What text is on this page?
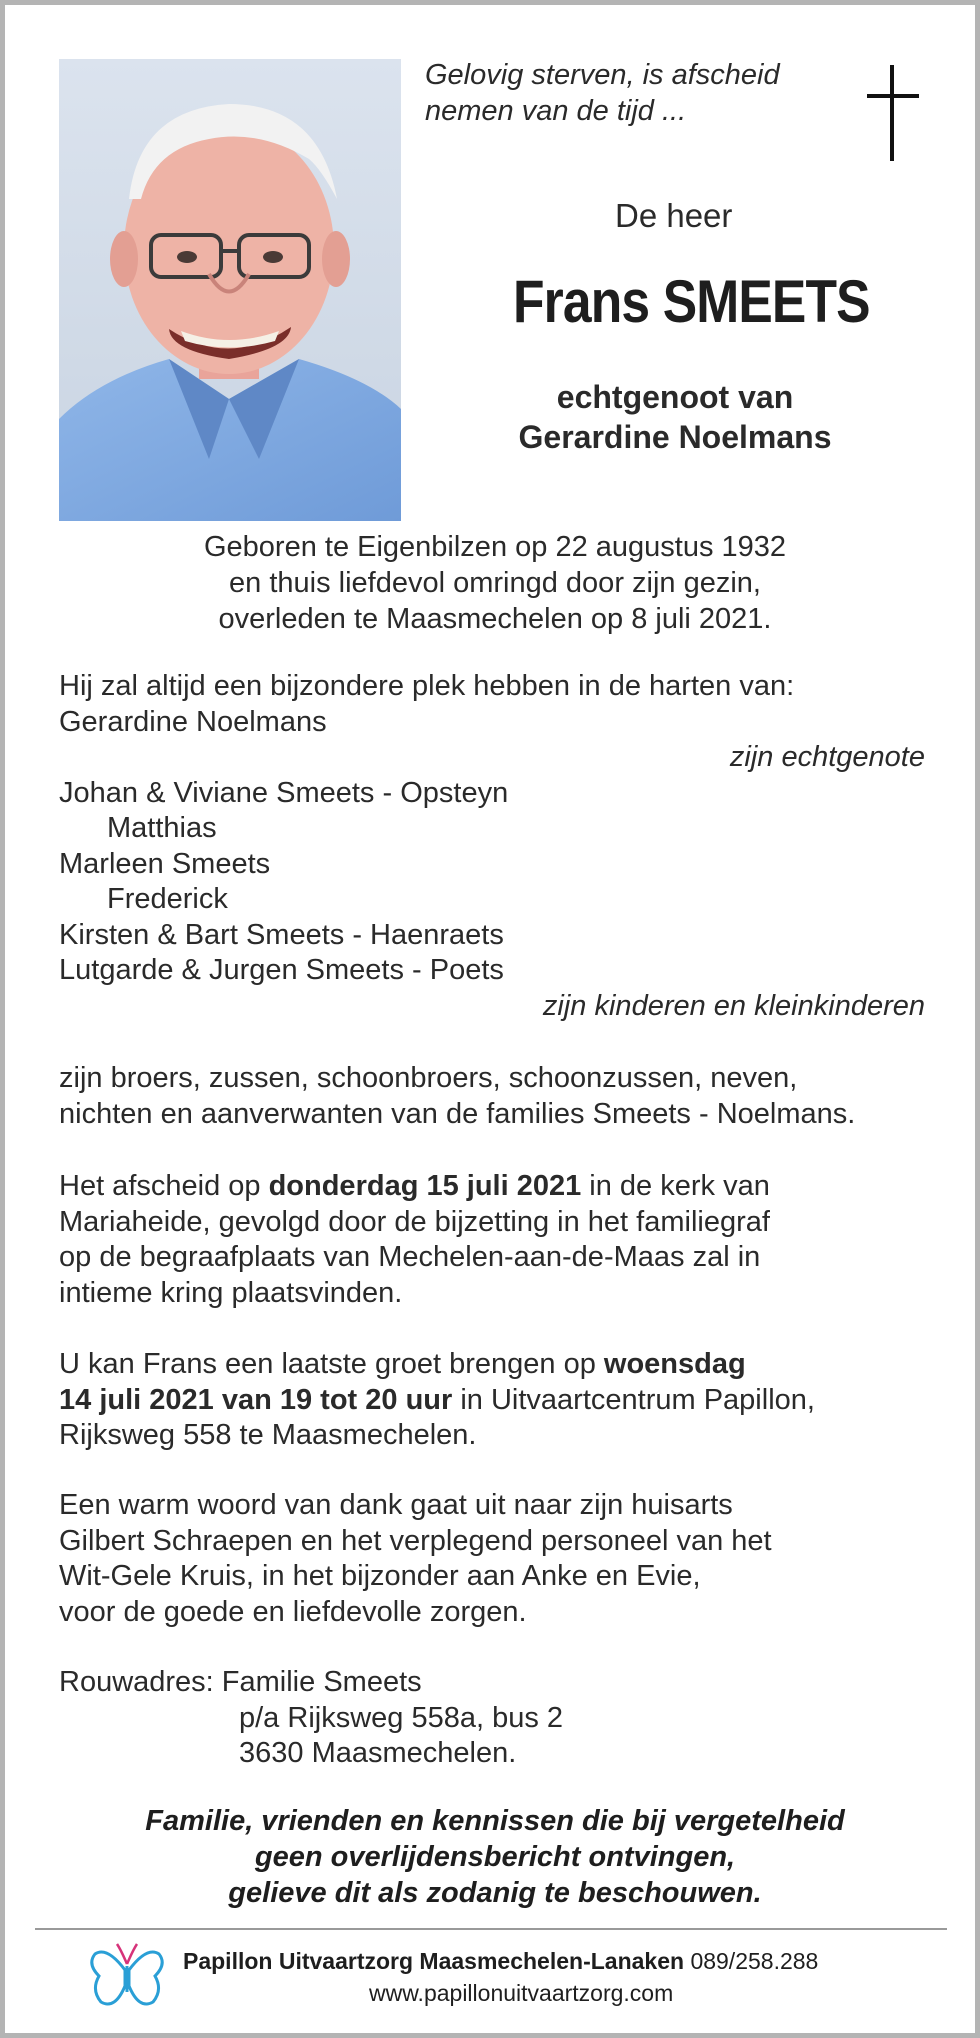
Gelovig sterven, is afscheid
nemen van de tijd ...
De heer
Frans SMEETS
echtgenoot van
Gerardine Noelmans
Geboren te Eigenbilzen op 22 augustus 1932
en thuis liefdevol omringd door zijn gezin,
overleden te Maasmechelen op 8 juli 2021.
Hij zal altijd een bijzondere plek hebben in de harten van:
Gerardine Noelmans
zijn echtgenote
Johan & Viviane Smeets - Opsteyn
Matthias
Marleen Smeets
Frederick
Kirsten & Bart Smeets - Haenraets
Lutgarde & Jurgen Smeets - Poets
zijn kinderen en kleinkinderen
zijn broers, zussen, schoonbroers, schoonzussen, neven,
nichten en aanverwanten van de families Smeets - Noelmans.
Het afscheid op donderdag 15 juli 2021 in de kerk van
Mariaheide, gevolgd door de bijzetting in het familiegraf
op de begraafplaats van Mechelen-aan-de-Maas zal in
intieme kring plaatsvinden.
U kan Frans een laatste groet brengen op woensdag
14 juli 2021 van 19 tot 20 uur in Uitvaartcentrum Papillon,
Rijksweg 558 te Maasmechelen.
Een warm woord van dank gaat uit naar zijn huisarts
Gilbert Schraepen en het verplegend personeel van het
Wit-Gele Kruis, in het bijzonder aan Anke en Evie,
voor de goede en liefdevolle zorgen.
Rouwadres: Familie Smeets
p/a Rijksweg 558a, bus 2
3630 Maasmechelen.
Familie, vrienden en kennissen die bij vergetelheid
geen overlijdensbericht ontvingen,
gelieve dit als zodanig te beschouwen.
Papillon Uitvaartzorg Maasmechelen-Lanaken 089/258.288
www.papillonuitvaartzorg.com
